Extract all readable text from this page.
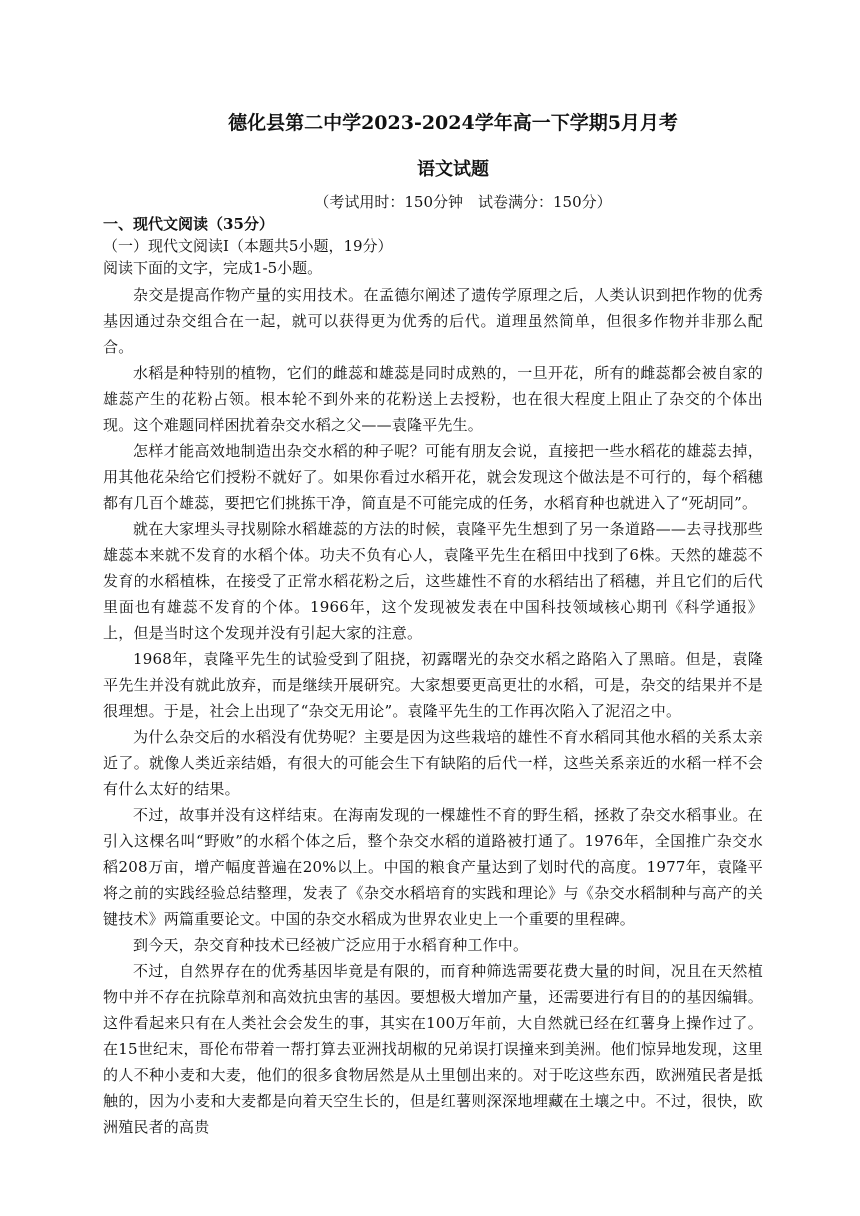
德化县第二中学2023-2024学年高一下学期5月月考
语文试题

（考试用时：150分钟　试卷满分：150分）

一、现代文阅读（35分）

（一）现代文阅读Ⅰ（本题共5小题，19分）

阅读下面的文字，完成1-5小题。

杂交是提高作物产量的实用技术。在孟德尔阐述了遗传学原理之后，人类认识到把作物的优秀基因通过杂交组合在一起，就可以获得更为优秀的后代。道理虽然简单，但很多作物并非那么配合。

水稻是种特别的植物，它们的雌蕊和雄蕊是同时成熟的，一旦开花，所有的雌蕊都会被自家的雄蕊产生的花粉占领。根本轮不到外来的花粉送上去授粉，也在很大程度上阻止了杂交的个体出现。这个难题同样困扰着杂交水稻之父——袁隆平先生。

怎样才能高效地制造出杂交水稻的种子呢？可能有朋友会说，直接把一些水稻花的雄蕊去掉，用其他花朵给它们授粉不就好了。如果你看过水稻开花，就会发现这个做法是不可行的，每个稻穗都有几百个雄蕊，要把它们挑拣干净，简直是不可能完成的任务，水稻育种也就进入了“死胡同”。

就在大家埋头寻找剔除水稻雄蕊的方法的时候，袁隆平先生想到了另一条道路——去寻找那些雄蕊本来就不发育的水稻个体。功夫不负有心人，袁隆平先生在稻田中找到了6株。天然的雄蕊不发育的水稻植株，在接受了正常水稻花粉之后，这些雄性不育的水稻结出了稻穗，并且它们的后代里面也有雄蕊不发育的个体。1966年，这个发现被发表在中国科技领域核心期刊《科学通报》上，但是当时这个发现并没有引起大家的注意。

1968年，袁隆平先生的试验受到了阻挠，初露曙光的杂交水稻之路陷入了黑暗。但是，袁隆平先生并没有就此放弃，而是继续开展研究。大家想要更高更壮的水稻，可是，杂交的结果并不是很理想。于是，社会上出现了“杂交无用论”。袁隆平先生的工作再次陷入了泥沼之中。

为什么杂交后的水稻没有优势呢？主要是因为这些栽培的雄性不育水稻同其他水稻的关系太亲近了。就像人类近亲结婚，有很大的可能会生下有缺陷的后代一样，这些关系亲近的水稻一样不会有什么太好的结果。

不过，故事并没有这样结束。在海南发现的一棵雄性不育的野生稻，拯救了杂交水稻事业。在引入这棵名叫“野败”的水稻个体之后，整个杂交水稻的道路被打通了。1976年，全国推广杂交水稻208万亩，增产幅度普遍在20%以上。中国的粮食产量达到了划时代的高度。1977年，袁隆平将之前的实践经验总结整理，发表了《杂交水稻培育的实践和理论》与《杂交水稻制种与高产的关键技术》两篇重要论文。中国的杂交水稻成为世界农业史上一个重要的里程碑。

到今天，杂交育种技术已经被广泛应用于水稻育种工作中。

不过，自然界存在的优秀基因毕竟是有限的，而育种筛选需要花费大量的时间，况且在天然植物中并不存在抗除草剂和高效抗虫害的基因。要想极大增加产量，还需要进行有目的的基因编辑。这件看起来只有在人类社会会发生的事，其实在100万年前，大自然就已经在红薯身上操作过了。在15世纪末，哥伦布带着一帮打算去亚洲找胡椒的兄弟误打误撞来到美洲。他们惊异地发现，这里的人不种小麦和大麦，他们的很多食物居然是从土里刨出来的。对于吃这些东西，欧洲殖民者是抵触的，因为小麦和大麦都是向着天空生长的，但是红薯则深深地埋藏在土壤之中。不过，很快，欧洲殖民者的高贵
